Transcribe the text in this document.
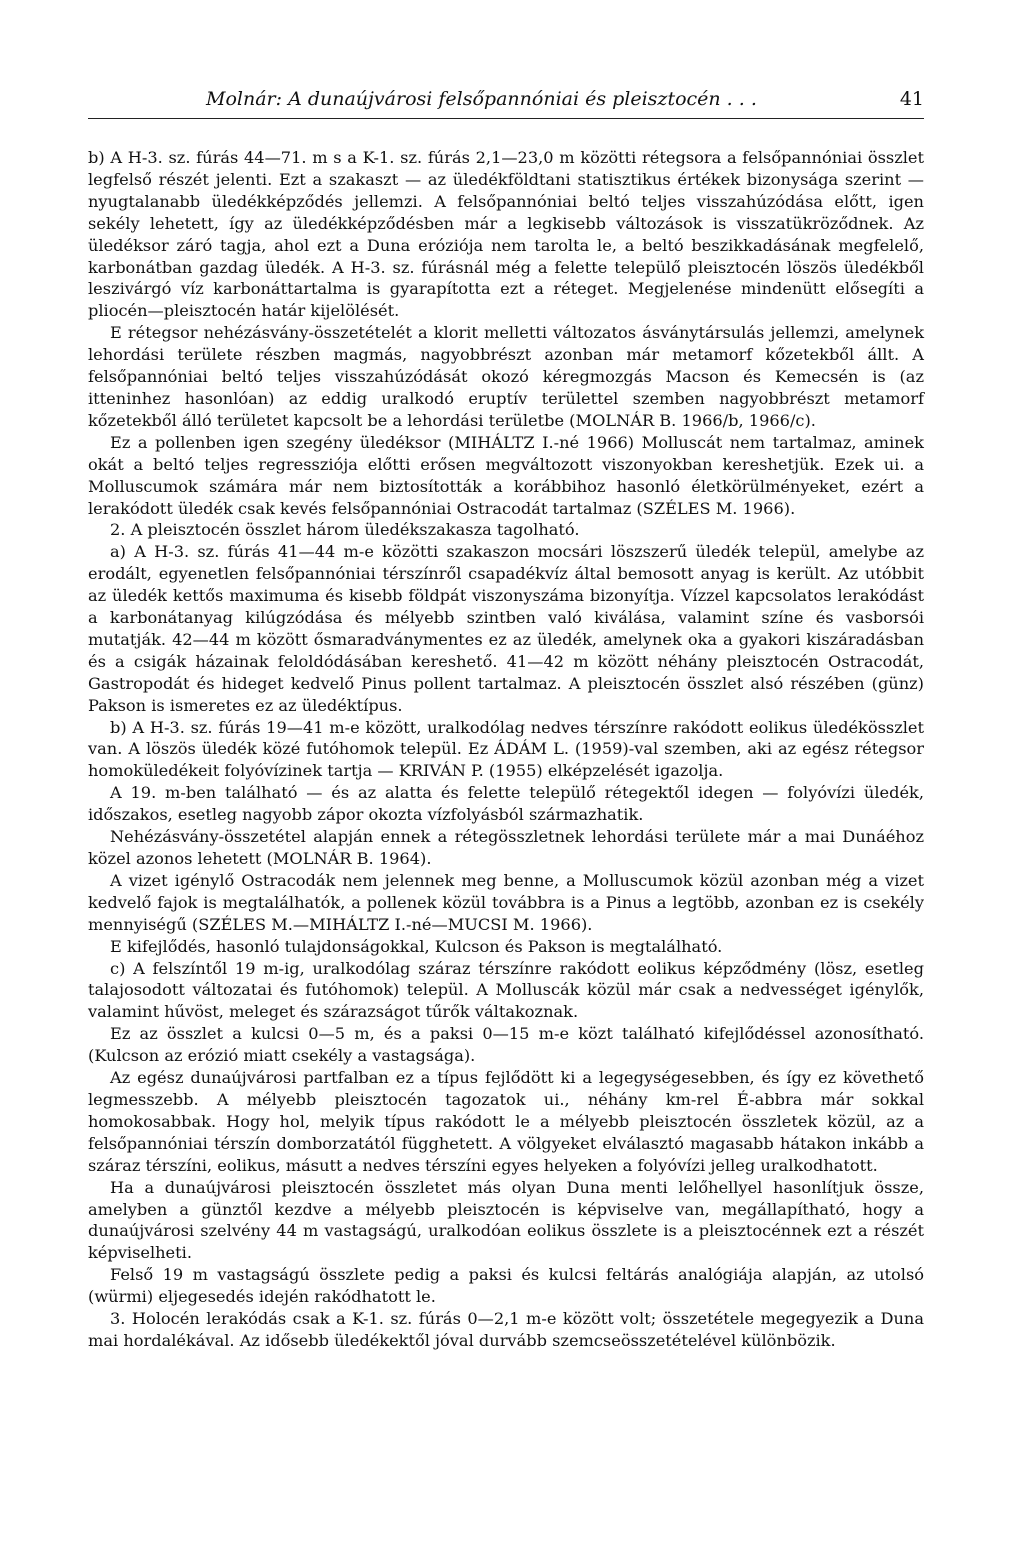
Molnár: A dunaújvárosi felsőpannóniai és pleisztocén . . .	41

b) A H-3. sz. fúrás 44—71. m s a K-1. sz. fúrás 2,1—23,0 m közötti rétegsora a felsőpannóniai összlet legfelső részét jelenti. Ezt a szakaszt — az üledékföldtani statisztikus értékek bizonysága szerint — nyugtalanabb üledékképződés jellemzi. A felsőpannóniai beltó teljes visszahúzódása előtt, igen sekély lehetett, így az üledékképződésben már a legkisebb változások is visszatükröződnek. Az üledéksor záró tagja, ahol ezt a Duna eróziója nem tarolta le, a beltó beszikkadásának megfelelő, karbonátban gazdag üledék. A H-3. sz. fúrásnál még a felette települő pleisztocén löszös üledékből leszivárgó víz karbonáttartalma is gyarapította ezt a réteget. Megjelenése mindenütt elősegíti a pliocén—pleisztocén határ kijelölését.

E rétegsor nehézásvány-összetételét a klorit melletti változatos ásványtársulás jellemzi, amelynek lehordási területe részben magmás, nagyobbrészt azonban már metamorf kőzetekből állt. A felsőpannóniai beltó teljes visszahúzódását okozó kéregmozgás Macson és Kemecsén is (az itteninhez hasonlóan) az eddig uralkodó eruptív területtel szemben nagyobbrészt metamorf kőzetekből álló területet kapcsolt be a lehordási területbe (MOLNÁR B. 1966/b, 1966/c).

Ez a pollenben igen szegény üledéksor (MIHÁLTZ I.-né 1966) Molluscát nem tartalmaz, aminek okát a beltó teljes regressziója előtti erősen megváltozott viszonyokban kereshetjük. Ezek ui. a Molluscumok számára már nem biztosították a korábbihoz hasonló életkörülményeket, ezért a lerakódott üledék csak kevés felsőpannóniai Ostracodát tartalmaz (SZÉLES M. 1966).

2. A pleisztocén összlet három üledékszakasza tagolható.

a) A H-3. sz. fúrás 41—44 m-e közötti szakaszon mocsári löszszerű üledék települ, amelybe az erodált, egyenetlen felsőpannóniai térszínről csapadékvíz által bemosott anyag is került. Az utóbbit az üledék kettős maximuma és kisebb földpát viszonyszáma bizonyítja. Vízzel kapcsolatos lerakódást a karbonátanyag kilúgzódása és mélyebb szintben való kiválása, valamint színe és vasborsói mutatják. 42—44 m között ősmaradványmentes ez az üledék, amelynek oka a gyakori kiszáradásban és a csigák házainak feloldódásában kereshető. 41—42 m között néhány pleisztocén Ostracodát, Gastropodát és hideget kedvelő Pinus pollent tartalmaz. A pleisztocén összlet alsó részében (günz) Pakson is ismeretes ez az üledéktípus.

b) A H-3. sz. fúrás 19—41 m-e között, uralkodólag nedves térszínre rakódott eolikus üledékösszlet van. A löszös üledék közé futóhomok települ. Ez ÁDÁM L. (1959)-val szemben, aki az egész rétegsor homoküledékeit folyóvízinek tartja — KRIVÁN P. (1955) elképzelését igazolja.

A 19. m-ben található — és az alatta és felette települő rétegektől idegen — folyóvízi üledék, időszakos, esetleg nagyobb zápor okozta vízfolyásból származhatik.

Nehézásvány-összetétel alapján ennek a rétegösszletnek lehordási területe már a mai Dunáéhoz közel azonos lehetett (MOLNÁR B. 1964).

A vizet igénylő Ostracodák nem jelennek meg benne, a Molluscumok közül azonban még a vizet kedvelő fajok is megtalálhatók, a pollenek közül továbbra is a Pinus a legtöbb, azonban ez is csekély mennyiségű (SZÉLES M.—MIHÁLTZ I.-né—MUCSI M. 1966).

E kifejlődés, hasonló tulajdonságokkal, Kulcson és Pakson is megtalálható.

c) A felszíntől 19 m-ig, uralkodólag száraz térszínre rakódott eolikus képződmény (lösz, esetleg talajosodott változatai és futóhomok) települ. A Molluscák közül már csak a nedvességet igénylők, valamint hűvöst, meleget és szárazságot tűrők váltakoznak.

Ez az összlet a kulcsi 0—5 m, és a paksi 0—15 m-e közt található kifejlődéssel azonosítható. (Kulcson az erózió miatt csekély a vastagsága).

Az egész dunaújvárosi partfalban ez a típus fejlődött ki a legegységesebben, és így ez követhető legmesszebb. A mélyebb pleisztocén tagozatok ui., néhány km-rel É-abbra már sokkal homokosabbak. Hogy hol, melyik típus rakódott le a mélyebb pleisztocén összletek közül, az a felsőpannóniai térszín domborzatától függhetett. A völgyeket elválasztó magasabb hátakon inkább a száraz térszíni, eolikus, másutt a nedves térszíni egyes helyeken a folyóvízi jelleg uralkodhatott.

Ha a dunaújvárosi pleisztocén összletet más olyan Duna menti lelőhellyel hasonlítjuk össze, amelyben a günztől kezdve a mélyebb pleisztocén is képviselve van, megállapítható, hogy a dunaújvárosi szelvény 44 m vastagságú, uralkodóan eolikus összlete is a pleisztocénnek ezt a részét képviselheti.

Felső 19 m vastagságú összlete pedig a paksi és kulcsi feltárás analógiája alapján, az utolsó (würmi) eljegesedés idején rakódhatott le.

3. Holocén lerakódás csak a K-1. sz. fúrás 0—2,1 m-e között volt; összetétele megegyezik a Duna mai hordalékával. Az idősebb üledékektől jóval durvább szemcseösszetételével különbözik.
